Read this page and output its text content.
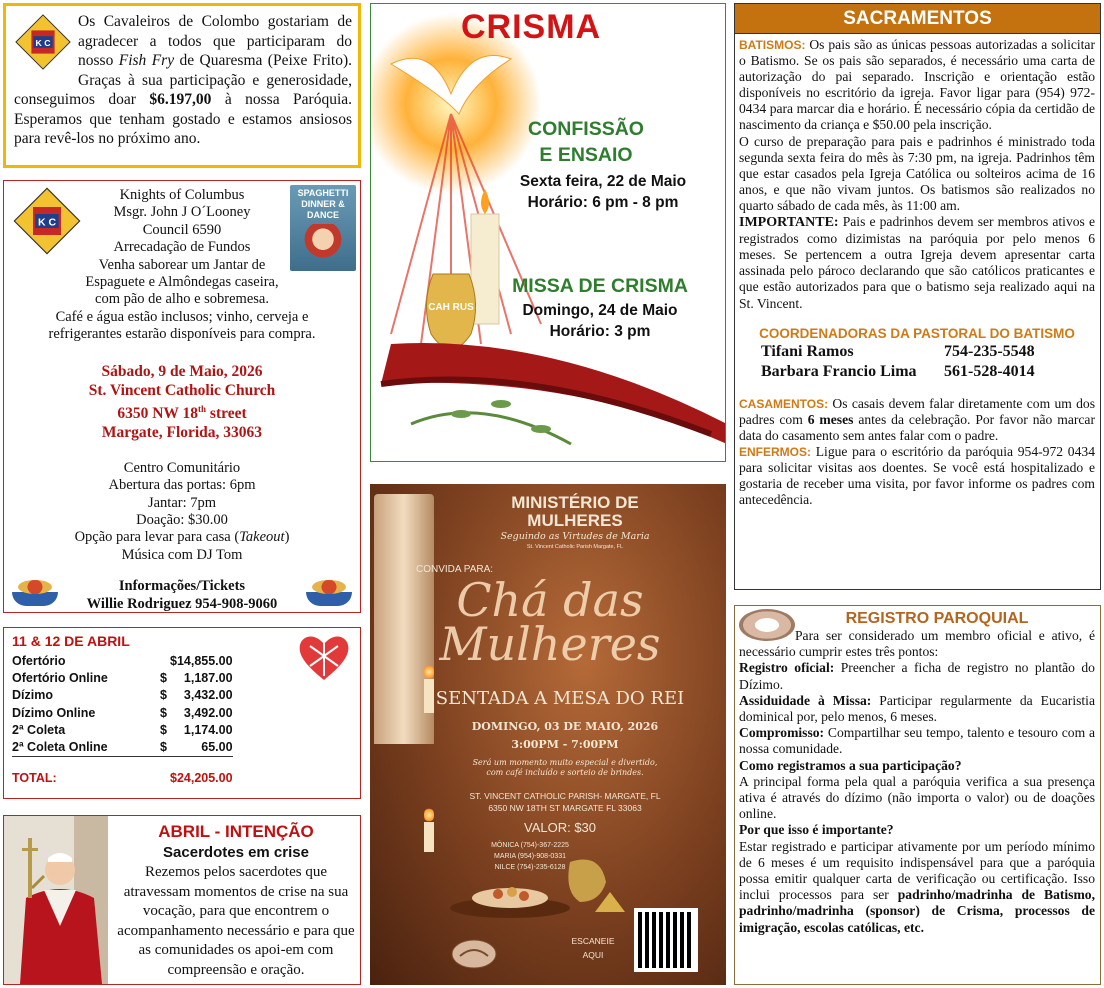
K C

Os Cavaleiros de Colombo gostariam de agradecer a todos que participaram do nosso Fish Fry de Quaresma (Peixe Frito). Graças à sua participação e generosidade, conseguimos doar $6.197,00 à nossa Paróquia. Esperamos que tenham gostado e estamos ansiosos para revê-los no próximo ano.

K C
SPAGHETTI
DINNER &
DANCE
Knights of Columbus
Msgr. John J O´Looney
Council 6590
Arrecadação de Fundos
Venha saborear um Jantar de
Espaguete e Almôndegas caseira,
com pão de alho e sobremesa.
Café e água estão inclusos; vinho, cerveja e
refrigerantes estarão disponíveis para compra.
Sábado, 9 de Maio, 2026
St. Vincent Catholic Church
6350 NW 18th street
Margate, Florida, 33063
Centro Comunitário
Abertura das portas: 6pm
Jantar: 7pm
Doação: $30.00
Opção para levar para casa (Takeout)
Música com DJ Tom
Informações/Tickets
Willie Rodriguez 954-908-9060
11 & 12 DE ABRIL
Ofertório		$14,855.00
Ofertório Online	$	1,187.00
Dízimo	$	3,432.00
Dízimo Online	$	3,492.00
2ª Coleta	$	1,174.00
2ª Coleta Online	$	65.00
TOTAL:		$24,205.00
ABRIL - INTENÇÃO
Sacerdotes em crise
Rezemos pelos sacerdotes que atravessam momentos de crise na sua vocação, para que encontrem o acompanhamento necessário e para que as comunidades os apoi-em com compreensão e oração.
CAH RUS
CRISMA
CONFISSÃO
E ENSAIO
Sexta feira, 22 de Maio
Horário: 6 pm - 8 pm
MISSA DE CRISMA
Domingo, 24 de Maio
Horário: 3 pm
MINISTÉRIO DE
MULHERES
Seguindo as Virtudes de Maria
St. Vincent Catholic Parish Margate, FL
CONVIDA PARA:
Chá das
Mulheres
SENTADA A MESA DO REI
DOMINGO, 03 DE MAIO, 2026
3:00PM - 7:00PM
Será um momento muito especial e divertido,
com café incluído e sorteio de brindes.
ST. VINCENT CATHOLIC PARISH- MARGATE, FL
6350 NW 18TH ST MARGATE FL 33063
VALOR: $30
MÔNICA (754)-367-2225
MARIA (954)-908-0331
NILCE (754)-235-6128
ESCANEIE
AQUI
SACRAMENTOS

BATISMOS: Os pais são as únicas pessoas autorizadas a solicitar o Batismo. Se os pais são separados, é necessário uma carta de autorização do pai separado. Inscrição e orientação estão disponíveis no escritório da igreja. Favor ligar para (954) 972-0434 para marcar dia e horário. É necessário cópia da certidão de nascimento da criança e $50.00 pela inscrição.

O curso de preparação para pais e padrinhos é ministrado toda segunda sexta feira do mês às 7:30 pm, na igreja. Padrinhos têm que estar casados pela Igreja Católica ou solteiros acima de 16 anos, e que não vivam juntos. Os batismos são realizados no quarto sábado de cada mês, às 11:00 am.

IMPORTANTE: Pais e padrinhos devem ser membros ativos e registrados como dizimistas na paróquia por pelo menos 6 meses. Se pertencem a outra Igreja devem apresentar carta assinada pelo pároco declarando que são católicos praticantes e que estão autorizados para que o batismo seja realizado aqui na St. Vincent.

COORDENADORAS DA PASTORAL DO BATISMO
Tifani Ramos	754-235-5548
Barbara Francio Lima	561-528-4014

CASAMENTOS: Os casais devem falar diretamente com um dos padres com 6 meses antes da celebração. Por favor não marcar data do casamento sem antes falar com o padre.

ENFERMOS: Ligue para o escritório da paróquia 954-972 0434 para solicitar visitas aos doentes. Se você está hospitalizado e gostaria de receber uma visita, por favor informe os padres com antecedência.

REGISTRO PAROQUIAL

Para ser considerado um membro oficial e ativo, é necessário cumprir estes três pontos:

Registro oficial: Preencher a ficha de registro no plantão do Dízimo.

Assiduidade à Missa: Participar regularmente da Eucaristia dominical por, pelo menos, 6 meses.

Compromisso: Compartilhar seu tempo, talento e tesouro com a nossa comunidade.

Como registramos a sua participação?

A principal forma pela qual a paróquia verifica a sua presença ativa é através do dízimo (não importa o valor) ou de doações online.

Por que isso é importante?

Estar registrado e participar ativamente por um período mínimo de 6 meses é um requisito indispensável para que a paróquia possa emitir qualquer carta de verificação ou certificação. Isso inclui processos para ser padrinho/madrinha de Batismo, padrinho/madrinha (sponsor) de Crisma, processos de imigração, escolas católicas, etc.
